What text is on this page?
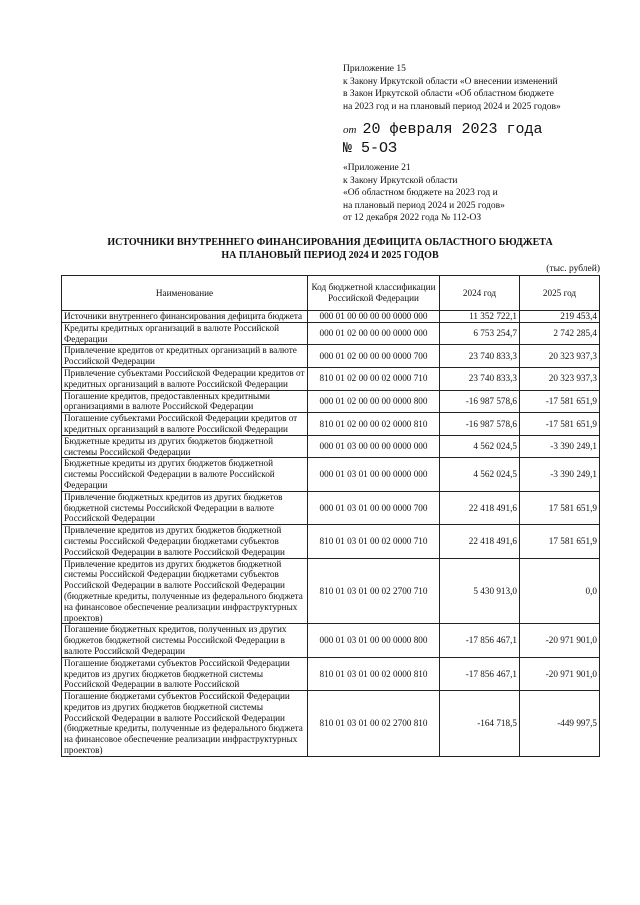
Приложение 15
к Закону Иркутской области «О внесении изменений
в Закон Иркутской области «Об областном бюджете
на 2023 год и на плановый период 2024 и 2025 годов»
от 20 февраля 2023 года
№ 5-ОЗ
«Приложение 21
к Закону Иркутской области
«Об областном бюджете на 2023 год и
на плановый период 2024 и 2025 годов»
от 12 декабря 2022 года № 112-ОЗ
ИСТОЧНИКИ ВНУТРЕННЕГО ФИНАНСИРОВАНИЯ ДЕФИЦИТА ОБЛАСТНОГО БЮДЖЕТА
НА ПЛАНОВЫЙ ПЕРИОД 2024 И 2025 ГОДОВ
(тыс. рублей)
Наименование	Код бюджетной классификации Российской Федерации	2024 год	2025 год
Источники внутреннего финансирования дефицита бюджета	000 01 00 00 00 00 0000 000	11 352 722,1	219 453,4
Кредиты кредитных организаций в валюте Российской Федерации	000 01 02 00 00 00 0000 000	6 753 254,7	2 742 285,4
Привлечение кредитов от кредитных организаций в валюте Российской Федерации	000 01 02 00 00 00 0000 700	23 740 833,3	20 323 937,3
Привлечение субъектами Российской Федерации кредитов от кредитных организаций в валюте Российской Федерации	810 01 02 00 00 02 0000 710	23 740 833,3	20 323 937,3
Погашение кредитов, предоставленных кредитными организациями в валюте Российской Федерации	000 01 02 00 00 00 0000 800	-16 987 578,6	-17 581 651,9
Погашение субъектами Российской Федерации кредитов от кредитных организаций в валюте Российской Федерации	810 01 02 00 00 02 0000 810	-16 987 578,6	-17 581 651,9
Бюджетные кредиты из других бюджетов бюджетной системы Российской Федерации	000 01 03 00 00 00 0000 000	4 562 024,5	-3 390 249,1
Бюджетные кредиты из других бюджетов бюджетной системы Российской Федерации в валюте Российской Федерации	000 01 03 01 00 00 0000 000	4 562 024,5	-3 390 249,1
Привлечение бюджетных кредитов из других бюджетов бюджетной системы Российской Федерации в валюте Российской Федерации	000 01 03 01 00 00 0000 700	22 418 491,6	17 581 651,9
Привлечение кредитов из других бюджетов бюджетной системы Российской Федерации бюджетами субъектов Российской Федерации в валюте Российской Федерации	810 01 03 01 00 02 0000 710	22 418 491,6	17 581 651,9
Привлечение кредитов из других бюджетов бюджетной системы Российской Федерации бюджетами субъектов Российской Федерации в валюте Российской Федерации (бюджетные кредиты, полученные из федерального бюджета на финансовое обеспечение реализации инфраструктурных проектов)	810 01 03 01 00 02 2700 710	5 430 913,0	0,0
Погашение бюджетных кредитов, полученных из других бюджетов бюджетной системы Российской Федерации в валюте Российской Федерации	000 01 03 01 00 00 0000 800	-17 856 467,1	-20 971 901,0
Погашение бюджетами субъектов Российской Федерации кредитов из других бюджетов бюджетной системы Российской Федерации в валюте Российской	810 01 03 01 00 02 0000 810	-17 856 467,1	-20 971 901,0
Погашение бюджетами субъектов Российской Федерации кредитов из других бюджетов бюджетной системы Российской Федерации в валюте Российской Федерации (бюджетные кредиты, полученные из федерального бюджета на финансовое обеспечение реализации инфраструктурных проектов)	810 01 03 01 00 02 2700 810	-164 718,5	-449 997,5
